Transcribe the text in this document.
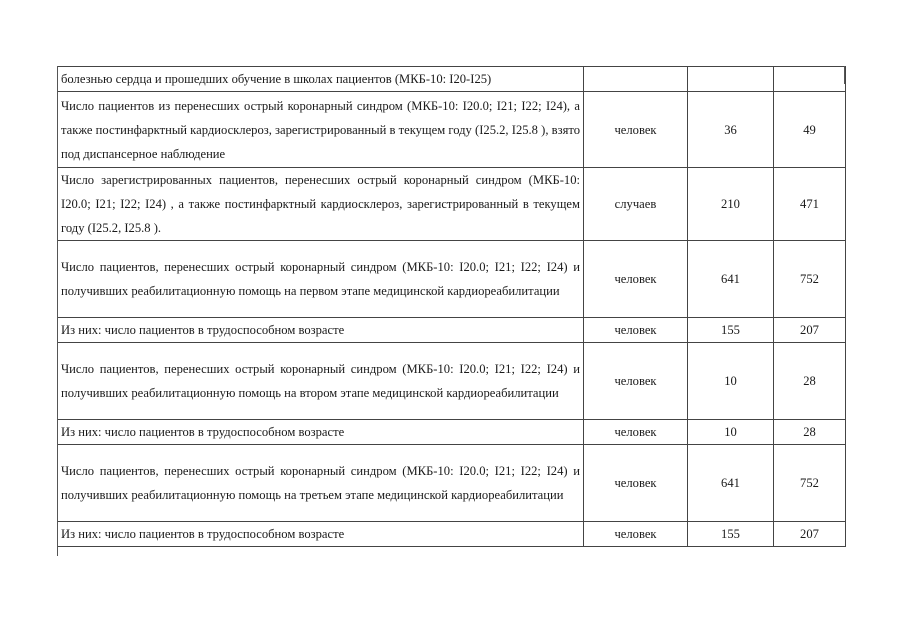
болезнью сердца и прошедших обучение в школах пациентов (МКБ-10: I20-I25)			
Число пациентов из перенесших острый коронарный синдром (МКБ-10: I20.0; I21; I22; I24), а также постинфарктный кардиосклероз, зарегистрированный в текущем году (I25.2, I25.8 ), взято под диспансерное наблюдение	человек	36	49
Число зарегистрированных пациентов, перенесших острый коронарный синдром (МКБ-10: I20.0; I21; I22; I24) , а также постинфарктный кардиосклероз, зарегистрированный в текущем году (I25.2, I25.8 ).	случаев	210	471
Число пациентов, перенесших острый коронарный синдром (МКБ-10: I20.0; I21; I22; I24) и получивших реабилитационную помощь на первом этапе медицинской кардиореабилитации	человек	641	752
Из них: число пациентов в трудоспособном возрасте	человек	155	207
Число пациентов, перенесших острый коронарный синдром (МКБ-10: I20.0; I21; I22; I24) и получивших реабилитационную помощь на втором этапе медицинской кардиореабилитации	человек	10	28
Из них: число пациентов в трудоспособном возрасте	человек	10	28
Число пациентов, перенесших острый коронарный синдром (МКБ-10: I20.0; I21; I22; I24) и получивших реабилитационную помощь на третьем этапе медицинской кардиореабилитации	человек	641	752
Из них: число пациентов в трудоспособном возрасте	человек	155	207
